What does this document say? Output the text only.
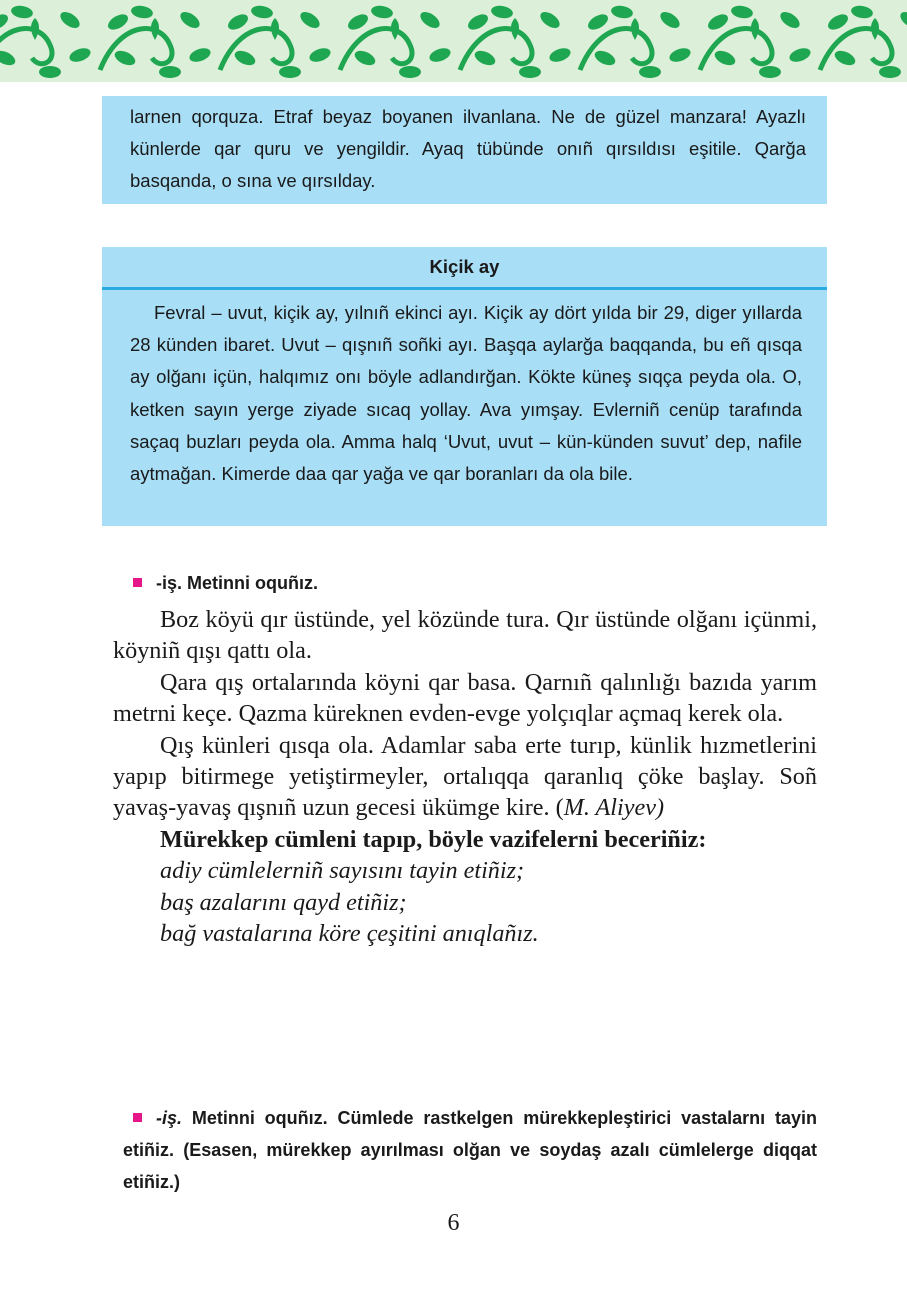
larnen qorquza. Etraf beyaz boyanen ilvanlana. Ne de güzel manzara! Ayazlı künlerde qar quru ve yengildir. Ayaq tübünde onıñ qırsıldısı eşitile. Qarğa basqanda, o sına ve qırsılday.

Kiçik ay

Fevral – uvut, kiçik ay, yılnıñ ekinci ayı. Kiçik ay dört yılda bir 29, diger yıllarda 28 künden ibaret. Uvut – qışnıñ soñki ayı. Başqa aylarğa baqqanda, bu eñ qısqa ay olğanı içün, halqımız onı böyle adlandırğan. Kökte küneş sıqça peyda ola. O, ketken sayın yerge ziyade sıcaq yollay. Ava yımşay. Evlerniñ cenüp tarafında saçaq buzları peyda ola. Amma halq ‘Uvut, uvut – kün-künden suvut’ dep, nafile aytmağan. Kimerde daa qar yağa ve qar boranları da ola bile.

-iş. Metinni oquñız.

Boz köyü qır üstünde, yel közünde tura. Qır üstünde olğanı içünmi, köyniñ qışı qattı ola.

Qara qış ortalarında köyni qar basa. Qarnıñ qalınlığı bazıda yarım metrni keçe. Qazma küreknen evden-evge yolçıqlar açmaq kerek ola.

Qış künleri qısqa ola. Adamlar saba erte turıp, künlik hızmetlerini yapıp bitirmege yetiştirmeyler, ortalıqqa qaranlıq çöke başlay. Soñ yavaş-yavaş qışnıñ uzun gecesi ükümge kire. (M. Aliyev)

Mürekkep cümleni tapıp, böyle vazifelerni beceriñiz:

adiy cümlelerniñ sayısını tayin etiñiz;

baş azalarını qayd etiñiz;

bağ vastalarına köre çeşitini anıqlañız.

-iş. Metinni oquñız. Cümlede rastkelgen mürekkepleştirici vastalarnı tayin etiñiz. (Esasen, mürekkep ayırılması olğan ve soydaş azalı cümlelerge diqqat etiñiz.)
6
